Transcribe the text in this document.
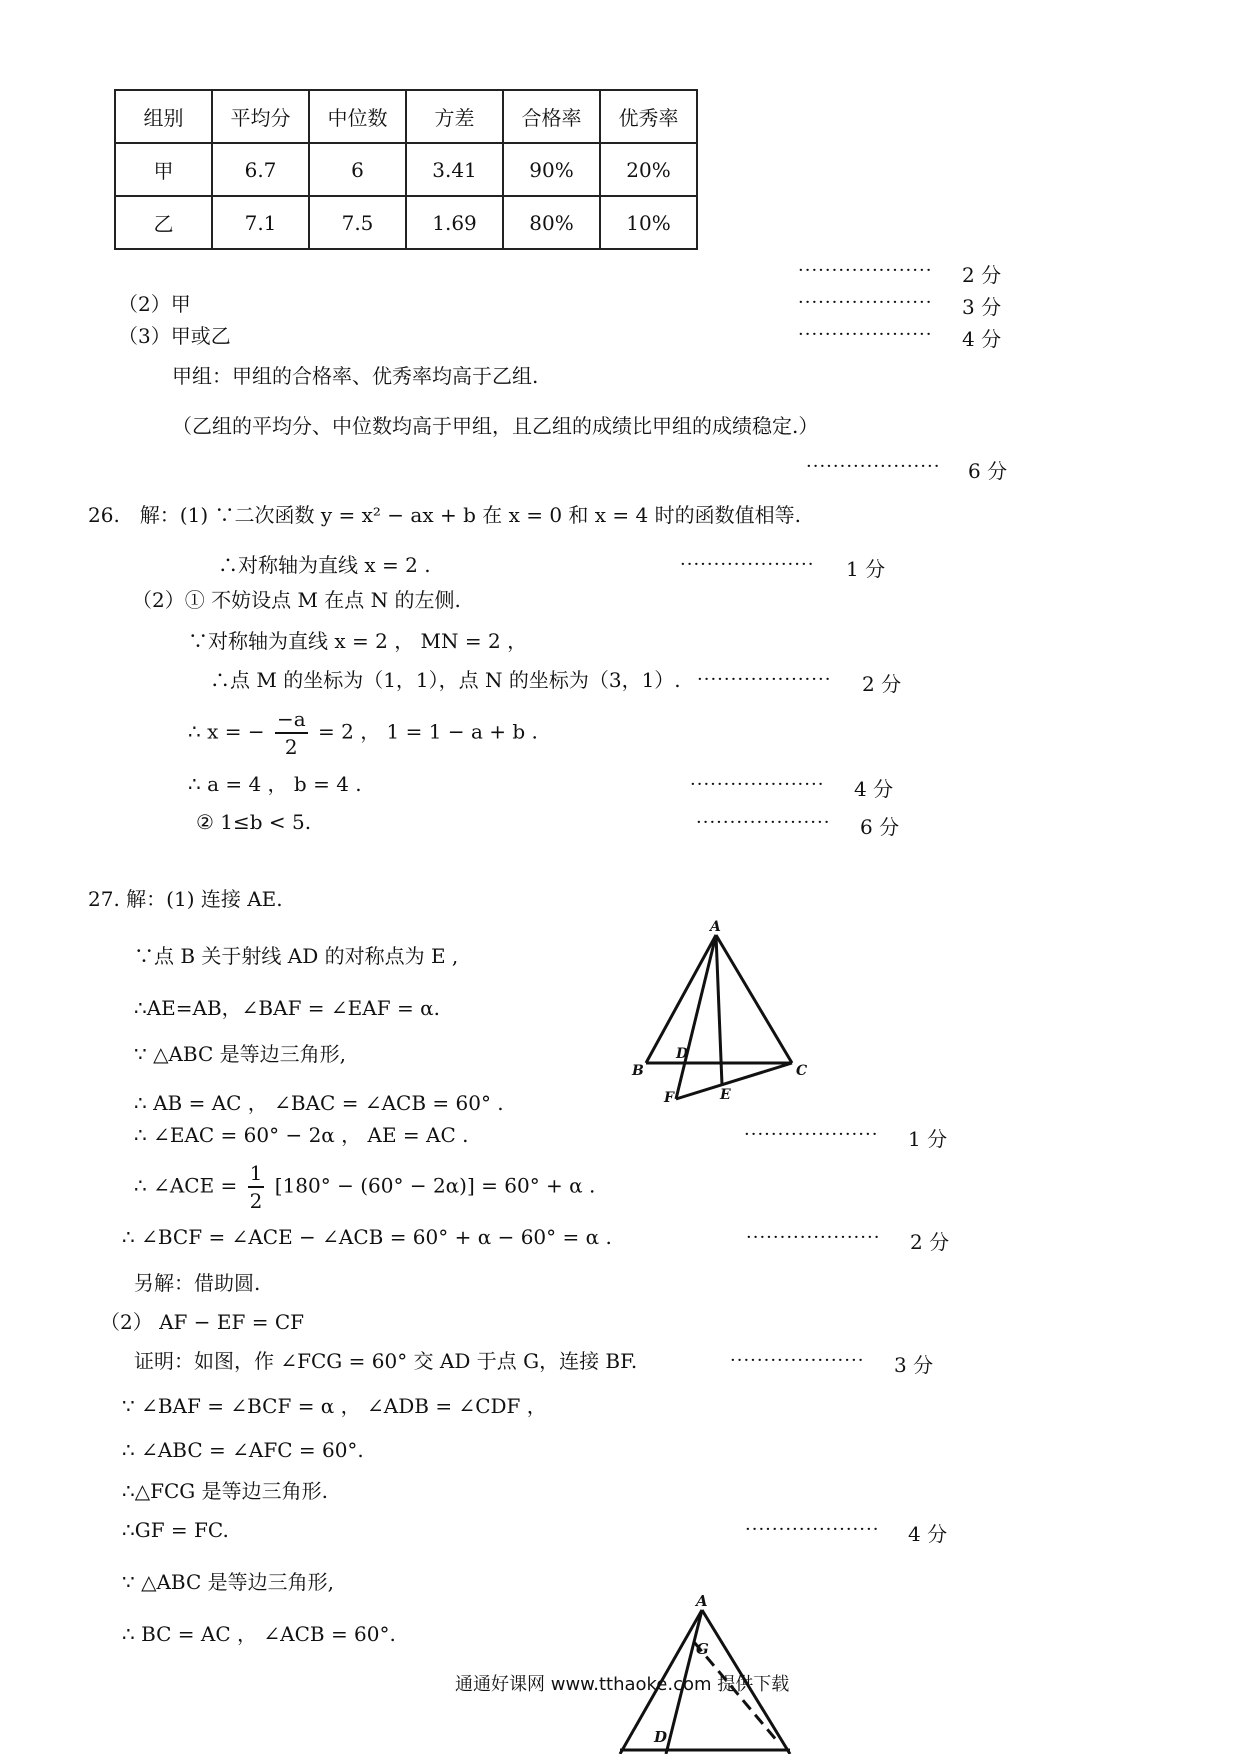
组别	平均分	中位数	方差	合格率	优秀率
甲	6.7	6	3.41	90%	20%
乙	7.1	7.5	1.69	80%	10%
···················· 2 分
（2）甲	···················· 3 分
（3）甲或乙	···················· 4 分
甲组：甲组的合格率、优秀率均高于乙组.
（乙组的平均分、中位数均高于甲组，且乙组的成绩比甲组的成绩稳定.）
···················· 6 分
26.　解：(1) ∵二次函数 y = x² − ax + b 在 x = 0 和 x = 4 时的函数值相等.
∴对称轴为直线 x = 2 .	···················· 1 分
（2）① 不妨设点 M 在点 N 的左侧.
∵对称轴为直线 x = 2 ， MN = 2 ，
∴点 M 的坐标为（1，1），点 N 的坐标为（3，1）. ···················· 2 分
∴ x = − $\frac{-a}{2} = 2$ ， 1 = 1 − a + b .
∴ a = 4 ， b = 4 .	···················· 4 分
② 1≤b < 5.	···················· 6 分
27. 解：(1) 连接 AE.
∵点 B 关于射线 AD 的对称点为 E ,
∴AE=AB，∠BAF = ∠EAF = α.
∵ △ABC 是等边三角形,
∴ AB = AC ， ∠BAC = ∠ACB = 60° .
∴ ∠EAC = 60° − 2α ， AE = AC .	···················· 1 分
∴ ∠ACE = $\frac{1}{2} [180^\circ - (60^\circ - 2\alpha)] = 60^\circ + \alpha$ .
∴ ∠BCF = ∠ACE − ∠ACB = 60° + α − 60° = α .	···················· 2 分
另解：借助圆.
（2） AF − EF = CF
证明：如图，作 ∠FCG = 60° 交 AD 于点 G，连接 BF.	···················· 3 分
∵ ∠BAF = ∠BCF = α ， ∠ADB = ∠CDF ，
∴ ∠ABC = ∠AFC = 60°.
∴△FCG 是等边三角形.
∴GF = FC.	···················· 4 分
∵ △ABC 是等边三角形,
∴ BC = AC ， ∠ACB = 60°.
A
B	C
D
E
F
A
G
D
通通好课网 www.tthaoke.com 提供下载
